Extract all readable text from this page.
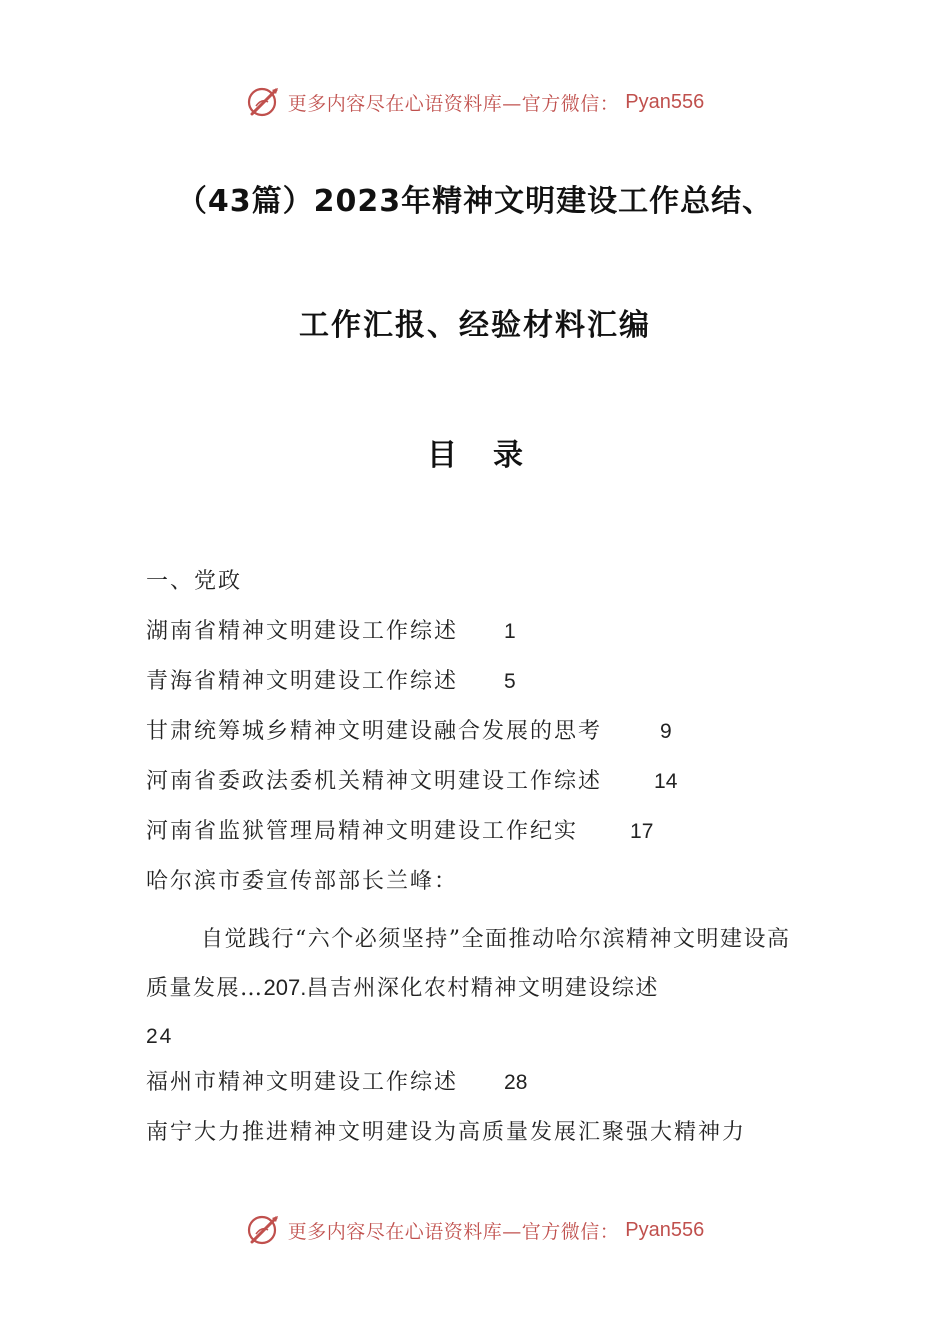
更多内容尽在心语资料库—官方微信： Pyan556
（43篇）2023年精神文明建设工作总结、
工作汇报、经验材料汇编
目录
一、党政
湖南省精神文明建设工作综述 1
青海省精神文明建设工作综述 5
甘肃统筹城乡精神文明建设融合发展的思考	9
河南省委政法委机关精神文明建设工作综述 14
河南省监狱管理局精神文明建设工作纪实 17
哈尔滨市委宣传部部长兰峰：
自觉践行“六个必须坚持”全面推动哈尔滨精神文明建设高质量发展…207.昌吉州深化农村精神文明建设综述
24
福州市精神文明建设工作综述 28
南宁大力推进精神文明建设为高质量发展汇聚强大精神力
更多内容尽在心语资料库—官方微信： Pyan556
